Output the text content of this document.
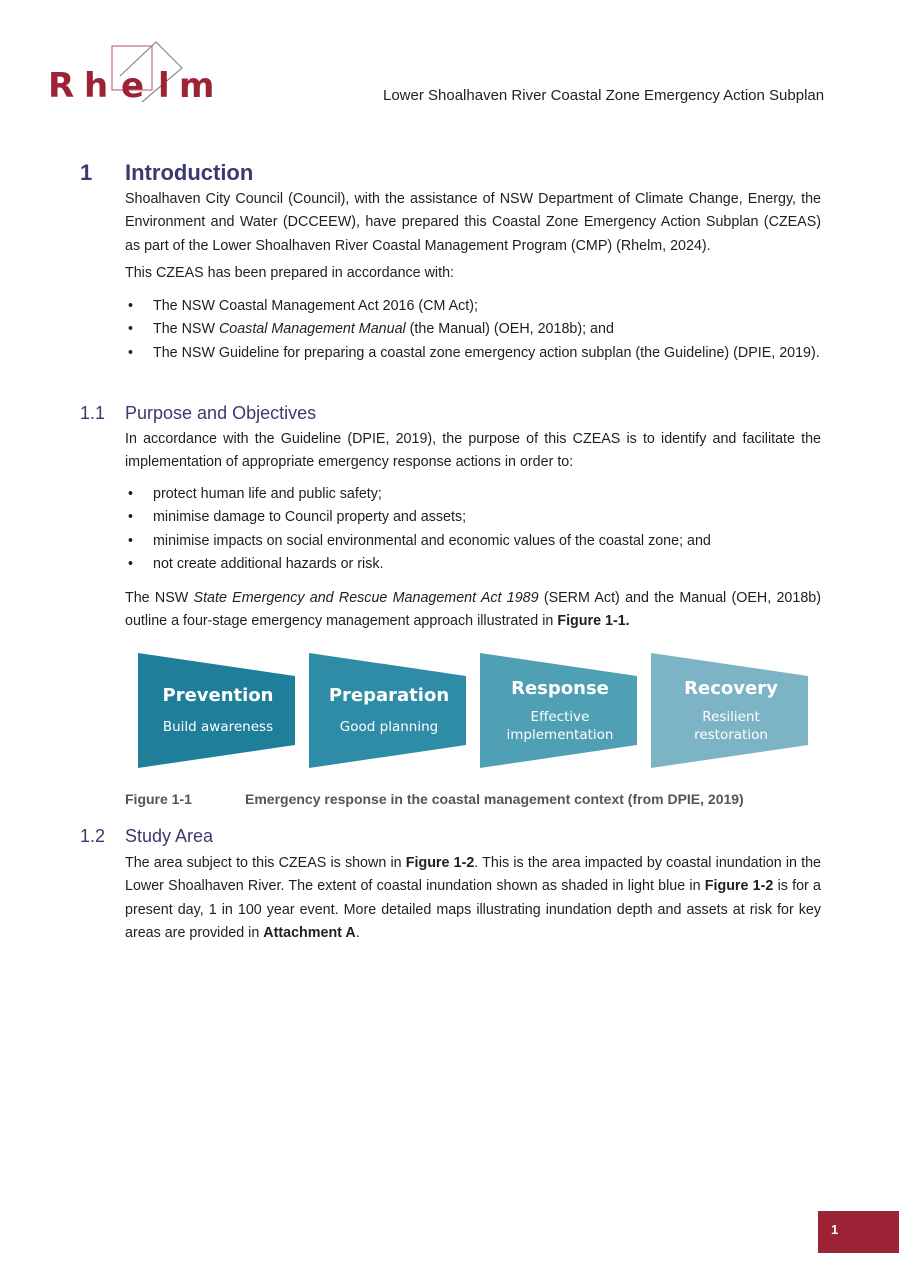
R h e l m	Lower Shoalhaven River Coastal Zone Emergency Action Subplan
1 Introduction
Shoalhaven City Council (Council), with the assistance of NSW Department of Climate Change, Energy, the Environment and Water (DCCEEW), have prepared this Coastal Zone Emergency Action Subplan (CZEAS) as part of the Lower Shoalhaven River Coastal Management Program (CMP) (Rhelm, 2024).
This CZEAS has been prepared in accordance with:
• The NSW Coastal Management Act 2016 (CM Act);
• The NSW Coastal Management Manual (the Manual) (OEH, 2018b); and
• The NSW Guideline for preparing a coastal zone emergency action subplan (the Guideline) (DPIE, 2019).
1.1 Purpose and Objectives
In accordance with the Guideline (DPIE, 2019), the purpose of this CZEAS is to identify and facilitate the implementation of appropriate emergency response actions in order to:
• protect human life and public safety;
• minimise damage to Council property and assets;
• minimise impacts on social environmental and economic values of the coastal zone; and
• not create additional hazards or risk.
The NSW State Emergency and Rescue Management Act 1989 (SERM Act) and the Manual (OEH, 2018b) outline a four-stage emergency management approach illustrated in Figure 1-1.
Prevention
Build awareness
Preparation
Good planning
Response
Effective
implementation
Recovery
Resilient
restoration
Figure 1-1	Emergency response in the coastal management context (from DPIE, 2019)
1.2 Study Area
The area subject to this CZEAS is shown in Figure 1-2. This is the area impacted by coastal inundation in the Lower Shoalhaven River. The extent of coastal inundation shown as shaded in light blue in Figure 1-2 is for a present day, 1 in 100 year event. More detailed maps illustrating inundation depth and assets at risk for key areas are provided in Attachment A.
1
